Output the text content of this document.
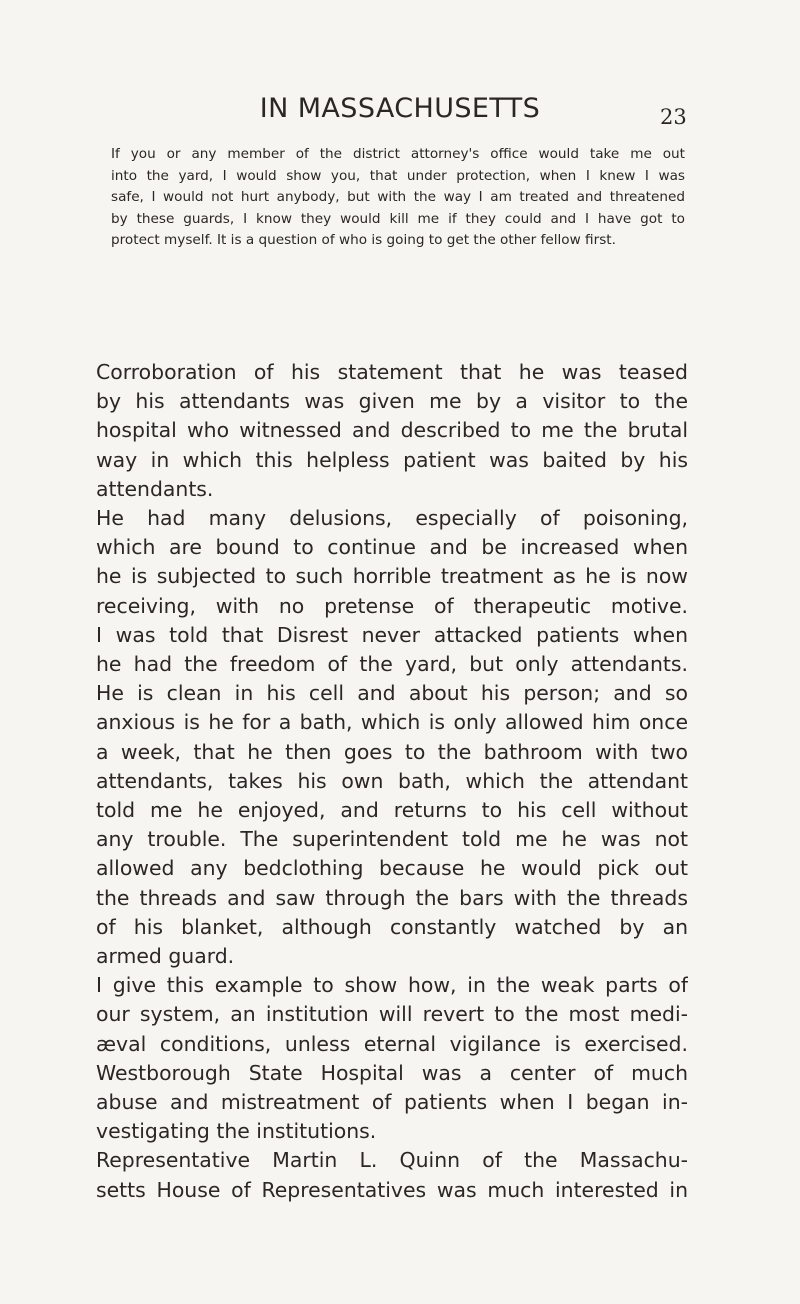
IN MASSACHUSETTS	23
If you or any member of the district attorney's office would take me out
into the yard, I would show you, that under protection, when I knew I was
safe, I would not hurt anybody, but with the way I am treated and threatened
by these guards, I know they would kill me if they could and I have got to
protect myself. It is a question of who is going to get the other fellow first.
Corroboration of his statement that he was teased
by his attendants was given me by a visitor to the
hospital who witnessed and described to me the brutal
way in which this helpless patient was baited by his
attendants.
He had many delusions, especially of poisoning,
which are bound to continue and be increased when
he is subjected to such horrible treatment as he is now
receiving, with no pretense of therapeutic motive.
I was told that Disrest never attacked patients when
he had the freedom of the yard, but only attendants.
He is clean in his cell and about his person; and so
anxious is he for a bath, which is only allowed him once
a week, that he then goes to the bathroom with two
attendants, takes his own bath, which the attendant
told me he enjoyed, and returns to his cell without
any trouble. The superintendent told me he was not
allowed any bedclothing because he would pick out
the threads and saw through the bars with the threads
of his blanket, although constantly watched by an
armed guard.
I give this example to show how, in the weak parts of
our system, an institution will revert to the most medi-
æval conditions, unless eternal vigilance is exercised.
Westborough State Hospital was a center of much
abuse and mistreatment of patients when I began in-
vestigating the institutions.
Representative Martin L. Quinn of the Massachu-
setts House of Representatives was much interested in
